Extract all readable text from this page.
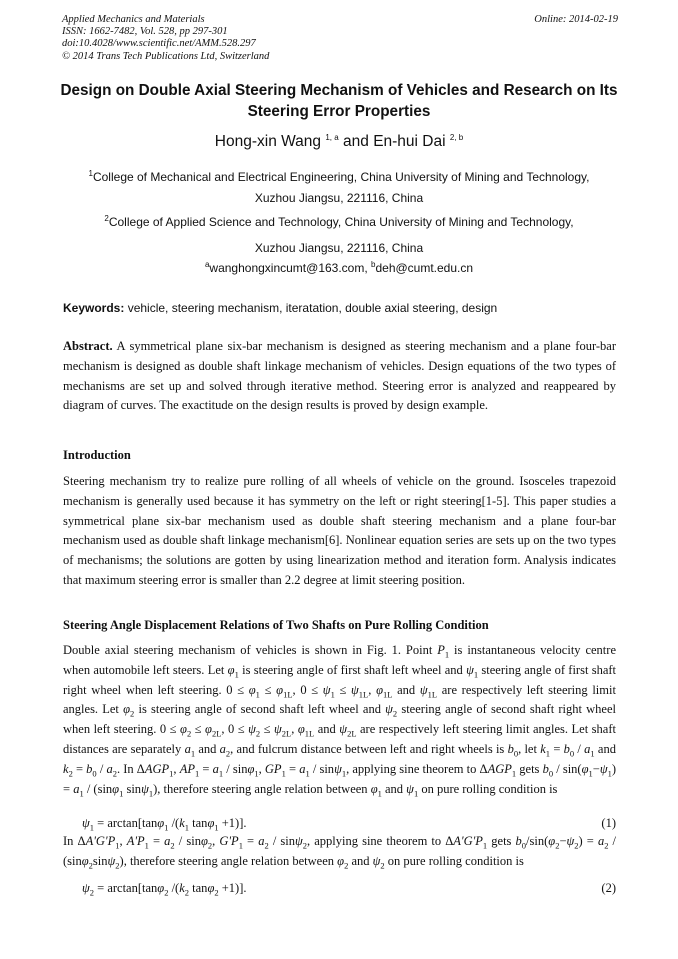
Applied Mechanics and Materials
ISSN: 1662-7482, Vol. 528, pp 297-301
doi:10.4028/www.scientific.net/AMM.528.297
© 2014 Trans Tech Publications Ltd, Switzerland
Online: 2014-02-19
Design on Double Axial Steering Mechanism of Vehicles and Research on Its Steering Error Properties
Hong-xin Wang $^{1, a}$ and En-hui Dai $^{2, b}$
$^1$College of Mechanical and Electrical Engineering, China University of Mining and Technology,
Xuzhou Jiangsu, 221116, China
$^2$College of Applied Science and Technology, China University of Mining and Technology,
Xuzhou Jiangsu, 221116, China
$^a$wanghongxincumt@163.com, $^b$deh@cumt.edu.cn
Keywords: vehicle, steering mechanism, iteratation, double axial steering, design
Abstract. A symmetrical plane six-bar mechanism is designed as steering mechanism and a plane four-bar mechanism is designed as double shaft linkage mechanism of vehicles. Design equations of the two types of mechanisms are set up and solved through iterative method. Steering error is analyzed and reappeared by diagram of curves. The exactitude on the design results is proved by design example.
Introduction
Steering mechanism try to realize pure rolling of all wheels of vehicle on the ground. Isosceles trapezoid mechanism is generally used because it has symmetry on the left or right steering[1-5]. This paper studies a symmetrical plane six-bar mechanism used as double shaft steering mechanism and a plane four-bar mechanism used as double shaft linkage mechanism[6]. Nonlinear equation series are sets up on the two types of mechanisms; the solutions are gotten by using linearization method and iteration form. Analysis indicates that maximum steering error is smaller than 2.2 degree at limit steering position.
Steering Angle Displacement Relations of Two Shafts on Pure Rolling Condition
Double axial steering mechanism of vehicles is shown in Fig. 1. Point $P_1$ is instantaneous velocity centre when automobile left steers. Let $\varphi_1$ is steering angle of first shaft left wheel and $\psi_1$ steering angle of first shaft right wheel when left steering. $0 \le \varphi_1 \le \varphi_{1L}$, $0 \le \psi_1 \le \psi_{1L}$, $\varphi_{1L}$ and $\psi_{1L}$ are respectively left steering limit angles. Let $\varphi_2$ is steering angle of second shaft left wheel and $\psi_2$ steering angle of second shaft right wheel when left steering. $0 \le \varphi_2 \le \varphi_{2L}$, $0 \le \psi_2 \le \psi_{2L}$, $\varphi_{1L}$ and $\psi_{2L}$ are respectively left steering limit angles. Let shaft distances are separately $a_1$ and $a_2$, and fulcrum distance between left and right wheels is $b_0$, let $k_1 = b_0 / a_1$ and $k_2 = b_0 / a_2$. In $\Delta AGP_1$, $AP_1 = a_1 / \sin\varphi_1$, $GP_1 = a_1 / \sin\psi_1$, applying sine theorem to $\Delta AGP_1$ gets $b_0 / \sin(\varphi_1-\psi_1) = a_1 / (\sin\varphi_1$ sinψ$_1$), therefore steering angle relation between $\varphi_1$ and $\psi_1$ on pure rolling condition is
$\psi_1 = \arctan[\tan\varphi_1$ $/(k_1$ tanφ$_1$ +1)].	(1)
In $\Delta A'G'P_1$, $A'P_1 = a_2 / \sin\varphi_2$, $G'P_1 = a_2 / \sin\psi_2$, applying sine theorem to $\Delta A'G'P_1$ gets $b_0/\sin(\varphi_2-\psi_2) = a_2 / (\sin\varphi_2\sin\psi_2)$, therefore steering angle relation between $\varphi_2$ and $\psi_2$ on pure rolling condition is
$\psi_2 = \arctan[\tan\varphi_2$ $/(k_2$ tanφ$_2$ +1)].	(2)
